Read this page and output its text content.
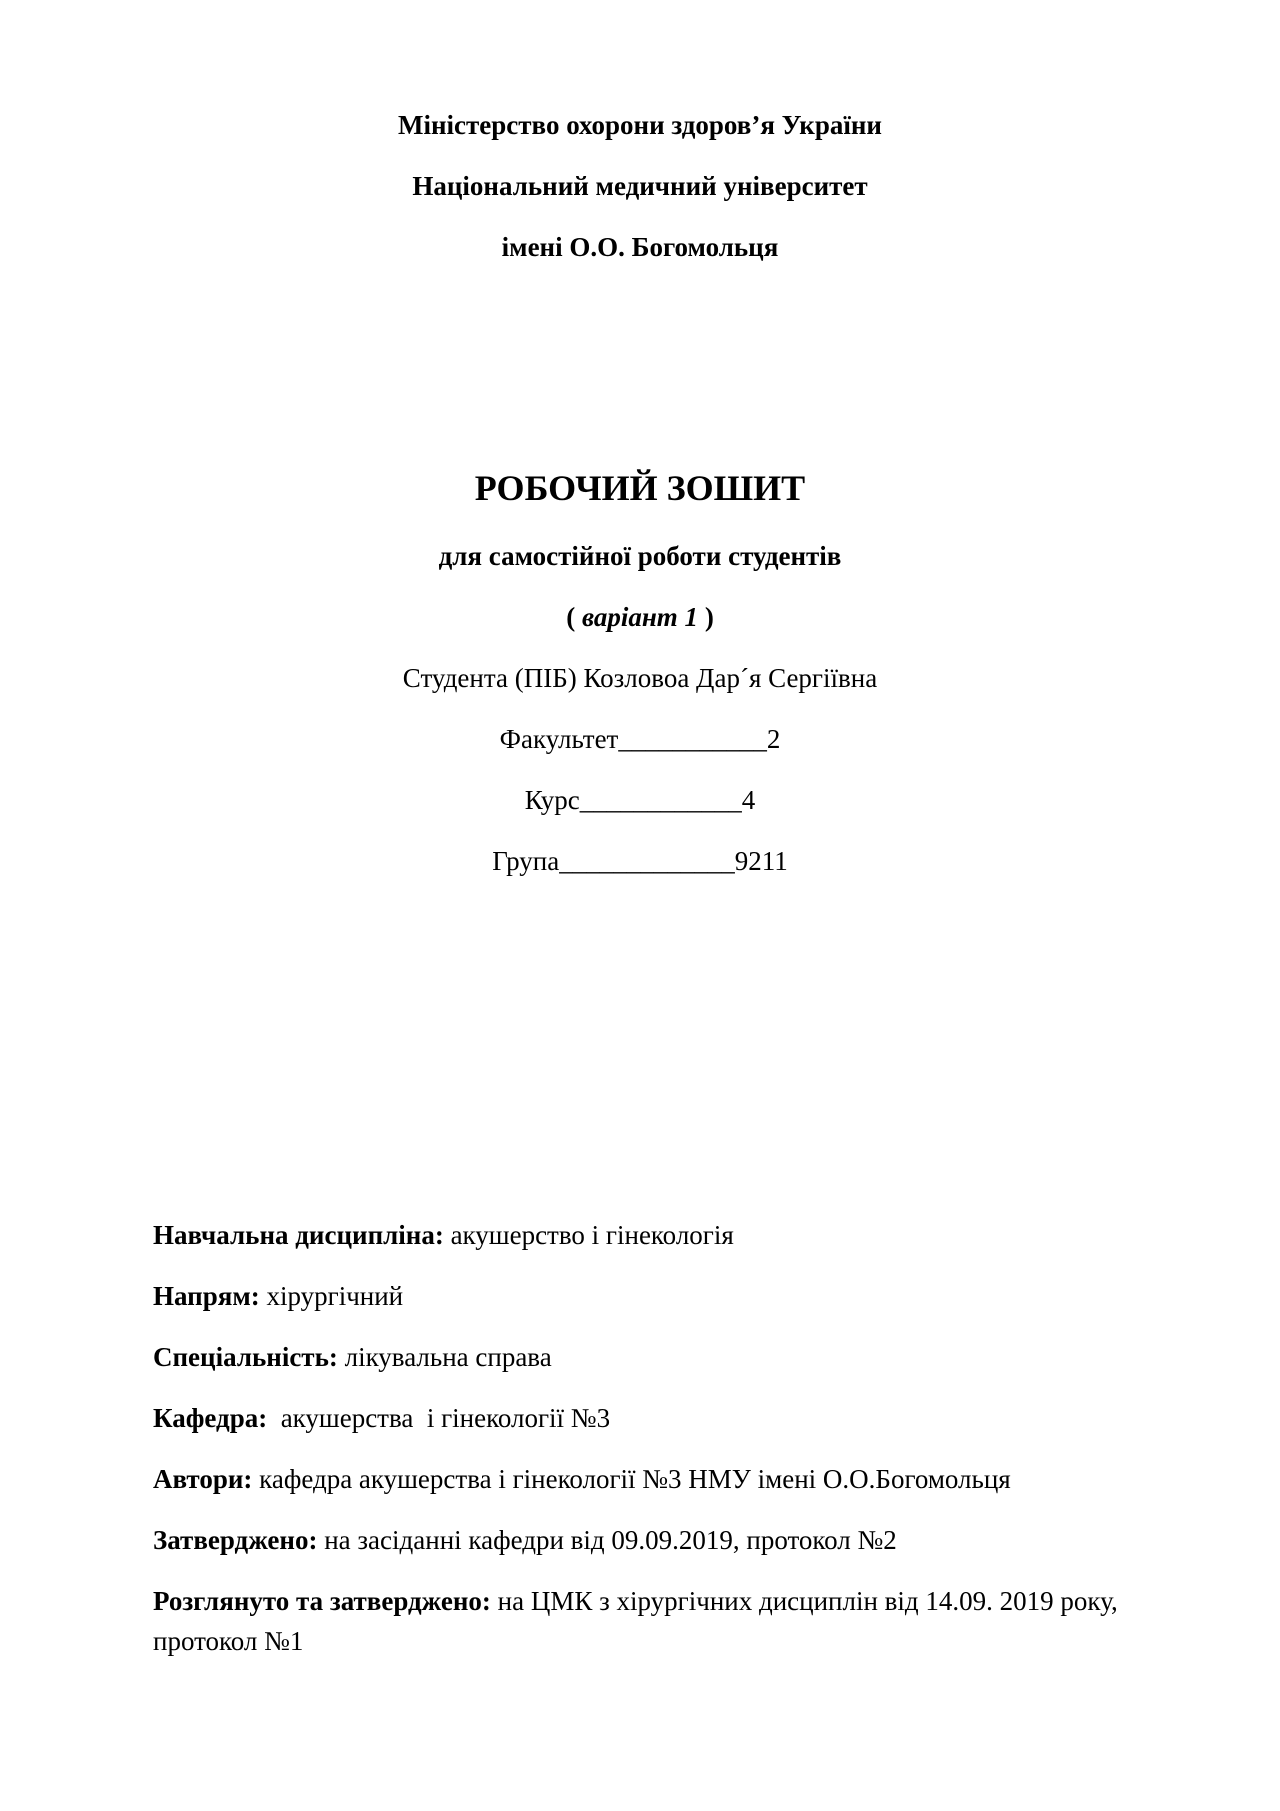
Міністерство охорони здоров’я України
Національний медичний університет
імені О.О. Богомольця
РОБОЧИЙ ЗОШИТ
для самостійної роботи студентів
( варіант 1 )
Студента (ПІБ) Козловоа Дар´я Сергіївна
Факультет___________2
Курс____________4
Група_____________9211
Навчальна дисципліна: акушерство і гінекологія
Напрям: хірургічний
Спеціальність: лікувальна справа
Кафедра:  акушерства  і гінекології №3
Автори: кафедра акушерства і гінекології №3 НМУ імені О.О.Богомольця
Затверджено: на засіданні кафедри від 09.09.2019, протокол №2
Розглянуто та затверджено: на ЦМК з хірургічних дисциплін від 14.09. 2019 року, протокол №1
